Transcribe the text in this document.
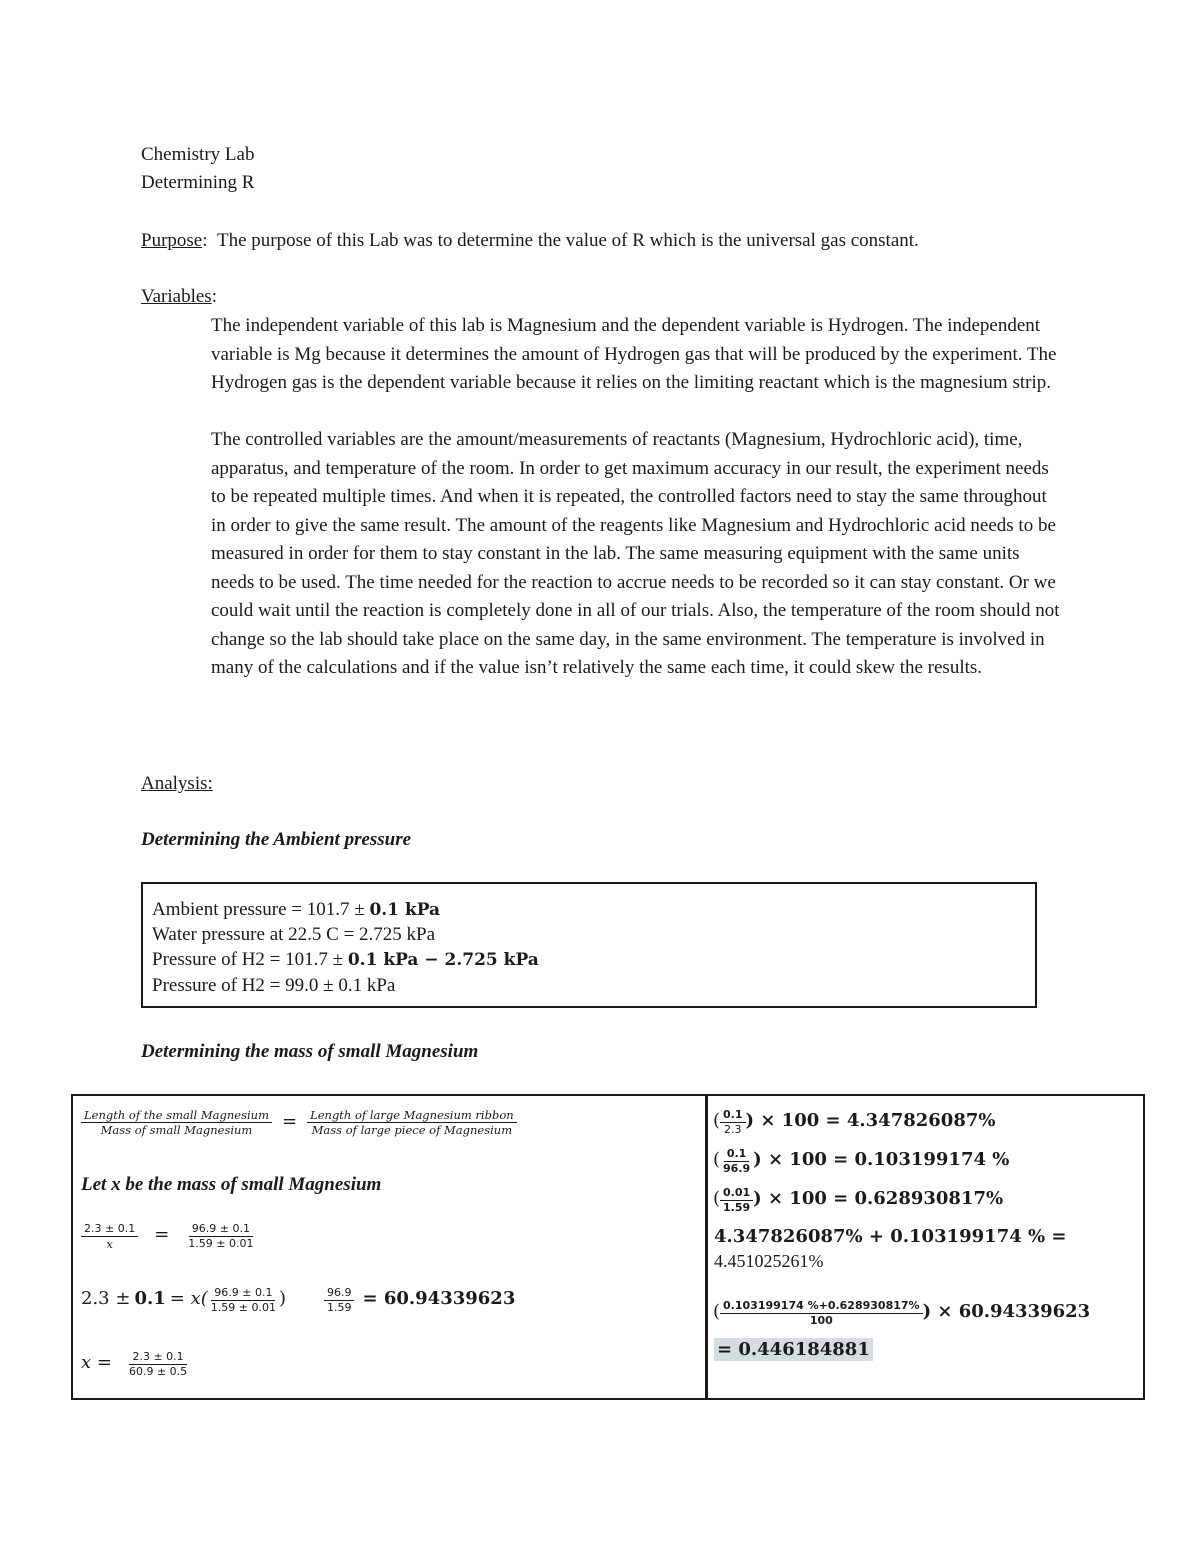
Chemistry Lab
Determining R
Purpose: The purpose of this Lab was to determine the value of R which is the universal gas constant.
Variables:
The independent variable of this lab is Magnesium and the dependent variable is Hydrogen. The independent variable is Mg because it determines the amount of Hydrogen gas that will be produced by the experiment. The Hydrogen gas is the dependent variable because it relies on the limiting reactant which is the magnesium strip.
The controlled variables are the amount/measurements of reactants (Magnesium, Hydrochloric acid), time, apparatus, and temperature of the room. In order to get maximum accuracy in our result, the experiment needs to be repeated multiple times. And when it is repeated, the controlled factors need to stay the same throughout in order to give the same result. The amount of the reagents like Magnesium and Hydrochloric acid needs to be measured in order for them to stay constant in the lab. The same measuring equipment with the same units needs to be used. The time needed for the reaction to accrue needs to be recorded so it can stay constant. Or we could wait until the reaction is completely done in all of our trials. Also, the temperature of the room should not change so the lab should take place on the same day, in the same environment. The temperature is involved in many of the calculations and if the value isn’t relatively the same each time, it could skew the results.
Analysis:
Determining the Ambient pressure
Ambient pressure = 101.7 ± 0.1 kPa
Water pressure at 22.5 C = 2.725 kPa
Pressure of H2 = 101.7 ± 0.1 kPa − 2.725 kPa
Pressure of H2 = 99.0 ± 0.1 kPa
Determining the mass of small Magnesium
$\frac{\text{Length of the small Magnesium}}{\text{Mass of small Magnesium}} = \frac{\text{Length of large Magnesium ribbon}}{\text{Mass of large piece of Magnesium}}$
Let x be the mass of small Magnesium
$\frac{2.3 \pm 0.1}{x} = \frac{96.9 \pm 0.1}{1.59 \pm 0.01}$
$2.3 \pm 0.1 = x( \frac{96.9 \pm 0.1}{1.59 \pm 0.01}$ )	$\frac{96.9}{1.59} = 60.94339623$
$x = \frac{2.3 \pm 0.1}{60.9 \pm 0.5}$
( $\frac{0.1}{2.3}$ ) × 100 = 4.347826087%
( $\frac{0.1}{96.9}$ ) × 100 = 0.103199174 %
( $\frac{0.01}{1.59}$ ) × 100 = 0.628930817%
4.347826087% + 0.103199174 % =
4.451025261%
( $\frac{0.103199174 \%+0.628930817\%}{100}$ ) × 60.94339623
= 0.446184881
